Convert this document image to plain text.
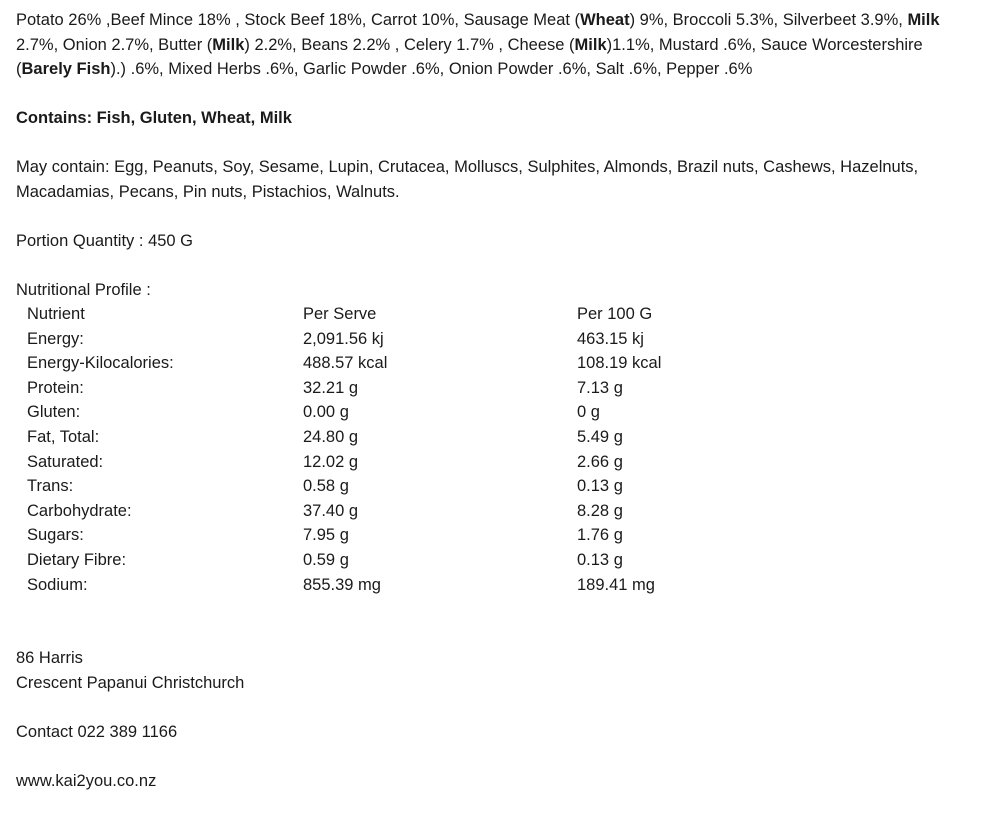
Potato 26% ,Beef Mince 18% , Stock Beef 18%, Carrot 10%, Sausage Meat (Wheat) 9%, Broccoli 5.3%, Silverbeet 3.9%, Milk 2.7%, Onion 2.7%, Butter (Milk) 2.2%, Beans 2.2% , Celery 1.7% , Cheese (Milk)1.1%, Mustard .6%, Sauce Worcestershire (Barely Fish).) .6%, Mixed Herbs .6%, Garlic Powder .6%, Onion Powder .6%, Salt .6%, Pepper .6%

Contains: Fish, Gluten, Wheat, Milk

May contain: Egg, Peanuts, Soy, Sesame, Lupin, Crutacea, Molluscs, Sulphites, Almonds, Brazil nuts, Cashews, Hazelnuts, Macadamias, Pecans, Pin nuts, Pistachios, Walnuts.

Portion Quantity : 450 G

Nutritional Profile :

Nutrient	Per Serve	Per 100 G
Energy:	2,091.56 kj	463.15 kj
Energy-Kilocalories:	488.57 kcal	108.19 kcal
Protein:	32.21 g	7.13 g
Gluten:	0.00 g	0 g
Fat, Total:	24.80 g	5.49 g
Saturated:	12.02 g	2.66 g
Trans:	0.58 g	0.13 g
Carbohydrate:	37.40 g	8.28 g
Sugars:	7.95 g	1.76 g
Dietary Fibre:	0.59 g	0.13 g
Sodium:	855.39 mg	189.41 mg

86 Harris
Crescent Papanui Christchurch

Contact 022 389 1166

www.kai2you.co.nz
